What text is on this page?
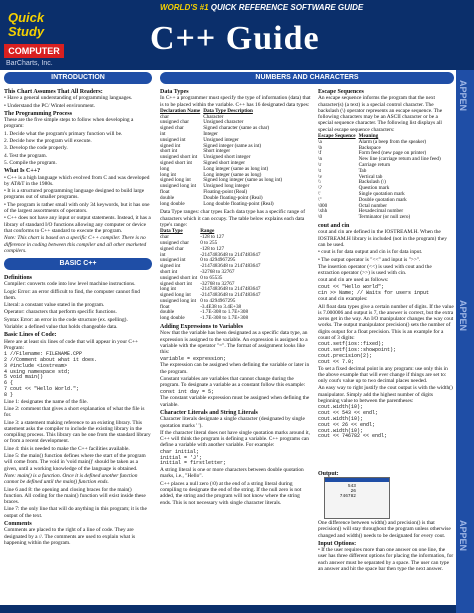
Quick
Study
COMPUTER
BarCharts, Inc.
WORLD'S #1 QUICK REFERENCE SOFTWARE GUIDE
C++ Guide
APPEN
APPEN
APPEN
INTRODUCTION	NUMBERS AND CHARACTERS
BASIC C++
This Chart Assumes That All Readers:

• Have a general understanding of programming languages.

• Understand the PC/ Wintel environment.

The Programming Process

These are the five simple steps to follow when developing a program:

1. Decide what the program's primary function will be.

2. Decide how the program will execute.

3. Develop the code properly.

4. Test the program.

5. Compile the program.

What Is C++?

• C++ is a high language which evolved from C and was developed by AT&T in the 1980s.

• It is a structured programming language designed to build large programs out of smaller programs.

• The program is rather small with only 34 keywords, but it has one of the largest assortments of operators.

• C++ does not have any input or output statements. Instead, it has a library of standard I/O functions allowing any computer or device that conforms to C++ standard to execute the program.

Note: This chart is based on a specific C++ compiler. There is no difference in coding between this compiler and all other marketed compilers.

Definitions

Compiler: converts code into low level machine instructions.

Logic Error: an error difficult to find, the computer cannot find them.

Literal: a constant value stated in the program.

Operator: characters that perform specific functions.

Syntax Error: an error in the code structure (ex. spelling).

Variable: a defined value that holds changeable data.

Basic Lines of Code:

Here are at least six lines of code that will appear in your C++ Program:

1 //Filename: FILENAME.CPP
2 //Comment about what it does.
3 #include <iostream>
4 using namespace std;
5 void main()
6 {
7 cout << "Hello World.";
8 }

Line 1: designates the name of the file.

Line 2: comment that gives a short explanation of what the file is for.

Line 3: a statement making reference to an existing library. This statement asks the compiler to include the existing library in the compiling process. This library can be one from the standard library or from a recent development.

Line 4: this is needed to make the C++ facilities available.

Line 5: the main() function defines where the start of the program will come from. The void in 'void main()' should be taken as a given, until a working knowledge of the language is obtained.

Note: main() is a function. Once it is defined another function cannot be defined until the main() function ends.

Line 6 and 8: the opening and closing braces for the main() function. All coding for the main() function will exist inside these braces.

Line 7: the only line that will do anything in this program; it is the output of the text.

Comments

Comments are placed to the right of a line of code. They are designated by a //. The comments are used to explain what is happening within the program.

Data Types

In C++ a programmer must specify the type of information (data) that is to be placed within the variable. C++ has 16 designated data types:

Declaration Name	Data Type Description
char	Character
unsigned char	Unsigned character
signed char	Signed character (same as char)
int	Integer
unsigned int	Unsigned integer
signed int	Signed integer (same as int)
short int	Short integer
unsigned short int	Unsigned short integer
signed short int	Signed short integer
long	Long integer (same as long int)
long int	Long integer (same as long)
signed long int	Signed long integer (same as long int)
unsigned long int	Unsigned long integer
float	Floating-point (Real)
double	Double floating-point (Real)
long double	Long double floating-point (Real)

Data Type ranges: char types Each data type has a specific range of characters which it can occupy. The table below explains each data type's range:

Data Type	Range
char	-128 to 127
unsigned char	0 to 255
signed char	-128 to 127
int	-2147483648 to 2147483647
unsigned int	0 to 4294967295
signed int	-2147483648 to 2147483647
short int	-32768 to 32767
unsigned short int	0 to 65535
signed short int	-32768 to 32767
long int	-2147483648 to 2147483647
signed long int	-2147483648 to 2147483647
unsigned long int	0 to 4294967295
float	-3.4E38 to 3.4E+38
double	-1.7E-308 to 1.7E+308
long double	-1.7E-308 to 1.7E+308
Adding Expressions to Variables

Now that the variable has been designated as a specific data type, an expression is assigned to the variable. An expression is assigned to a variable with the operator "=". The format of assignment looks like this:

variable = expression;

The expression can be assigned when defining the variable or later in the program.

Constant variables are variables that cannot change during the program. To designate a variable as a constant follow this example:

const int day = 5;

The constant variable expression must be assigned when defining the variable.

Character Literals and String Literals

Character literals designate a single character (designated by single quotation marks ' ').

If the character literal does not have single quotation marks around it, C++ will think the program is defining a variable. C++ programs can define a variable with another variable. For example:

char initial;
initial = 'J';
initial = firstletter;

A string literal is one or more characters between double quotation marks, i.e., "Hello".

C++ places a null zero (\0) at the end of a string literal during compiling to designate the end of the string. If the null zero is not added, the string and the program will not know where the string ends. This is not necessary with single character literals.

Escape Sequences

An escape sequence informs the program that the next character(s) (a text) is a special control character. The backslash (\) operator represents an escape sequence. The following characters may be an ASCII character or be a special sequence character. The following list displays all special escape sequence characters:

Escape Sequence	Meaning
\a	Alarm (a beep from the speaker)
\b	Backspace
\f	Form feed (new page on printer)
\n	New line (carriage return and line feed)
\r	Carriage return
\t	Tab
\v	Vertical tab
\\	Backslash (\)
\?	Question mark
\'	Single quotation mark
\"	Double quotation mark
\000	Octal number
\xhh	Hexadecimal number
\0	Terminator (or null zero)
cout and cin

cout and cin are defined in the IOSTREAM.H. When the IOSTREAM.H library is included (not in the program) they can be used.

• cout is for data output and cin is for data input.

• The output operator is "<<" and input is ">>".

The insertion operator (<<) is used with cout and the extraction operator (>>) is used with cin.

cout and cin are used as follows:

cout << "Hello world";
cin >> Name; // Waits for users input

cout and cin examples:

All float data types give a certain number of digits. If the value is 7.000006 and output is 7, the answer is correct, but the extra zeros get in the way. An I/O manipulator changes the way cout works. The output manipulator precision() sets the number of digits output for a float precision. This is an example for a count of 3 digits:

cout.setf(ios::fixed);
cout.setf(ios::showpoint);
cout.precision(2);
cout << 7.0;

To set a fixed decimal point in any program: use only this in the above example that will ever change if things are set to: only cout's value up to two decimal places needed.

An easy way to right justify the cout output is with the width() manipulator. Simply add the highest number of digits beginning value to between the parentheses:

cout.width(10);
cout << 543 << endl;
cout.width(10);
cout << 26 << endl;
cout.width(10);
cout << 746782 << endl;
Output:
543
26
746782

One difference between width() and precision() is that precision() will stay throughout the program unless otherwise changed and width() needs to be designated for every cout.

Input Options:

• If the user requires more than one answer on one line, the user has three different options for placing the information, for each answer must be separated by a space. The user can type an answer and hit the space bar then type the next answer.
